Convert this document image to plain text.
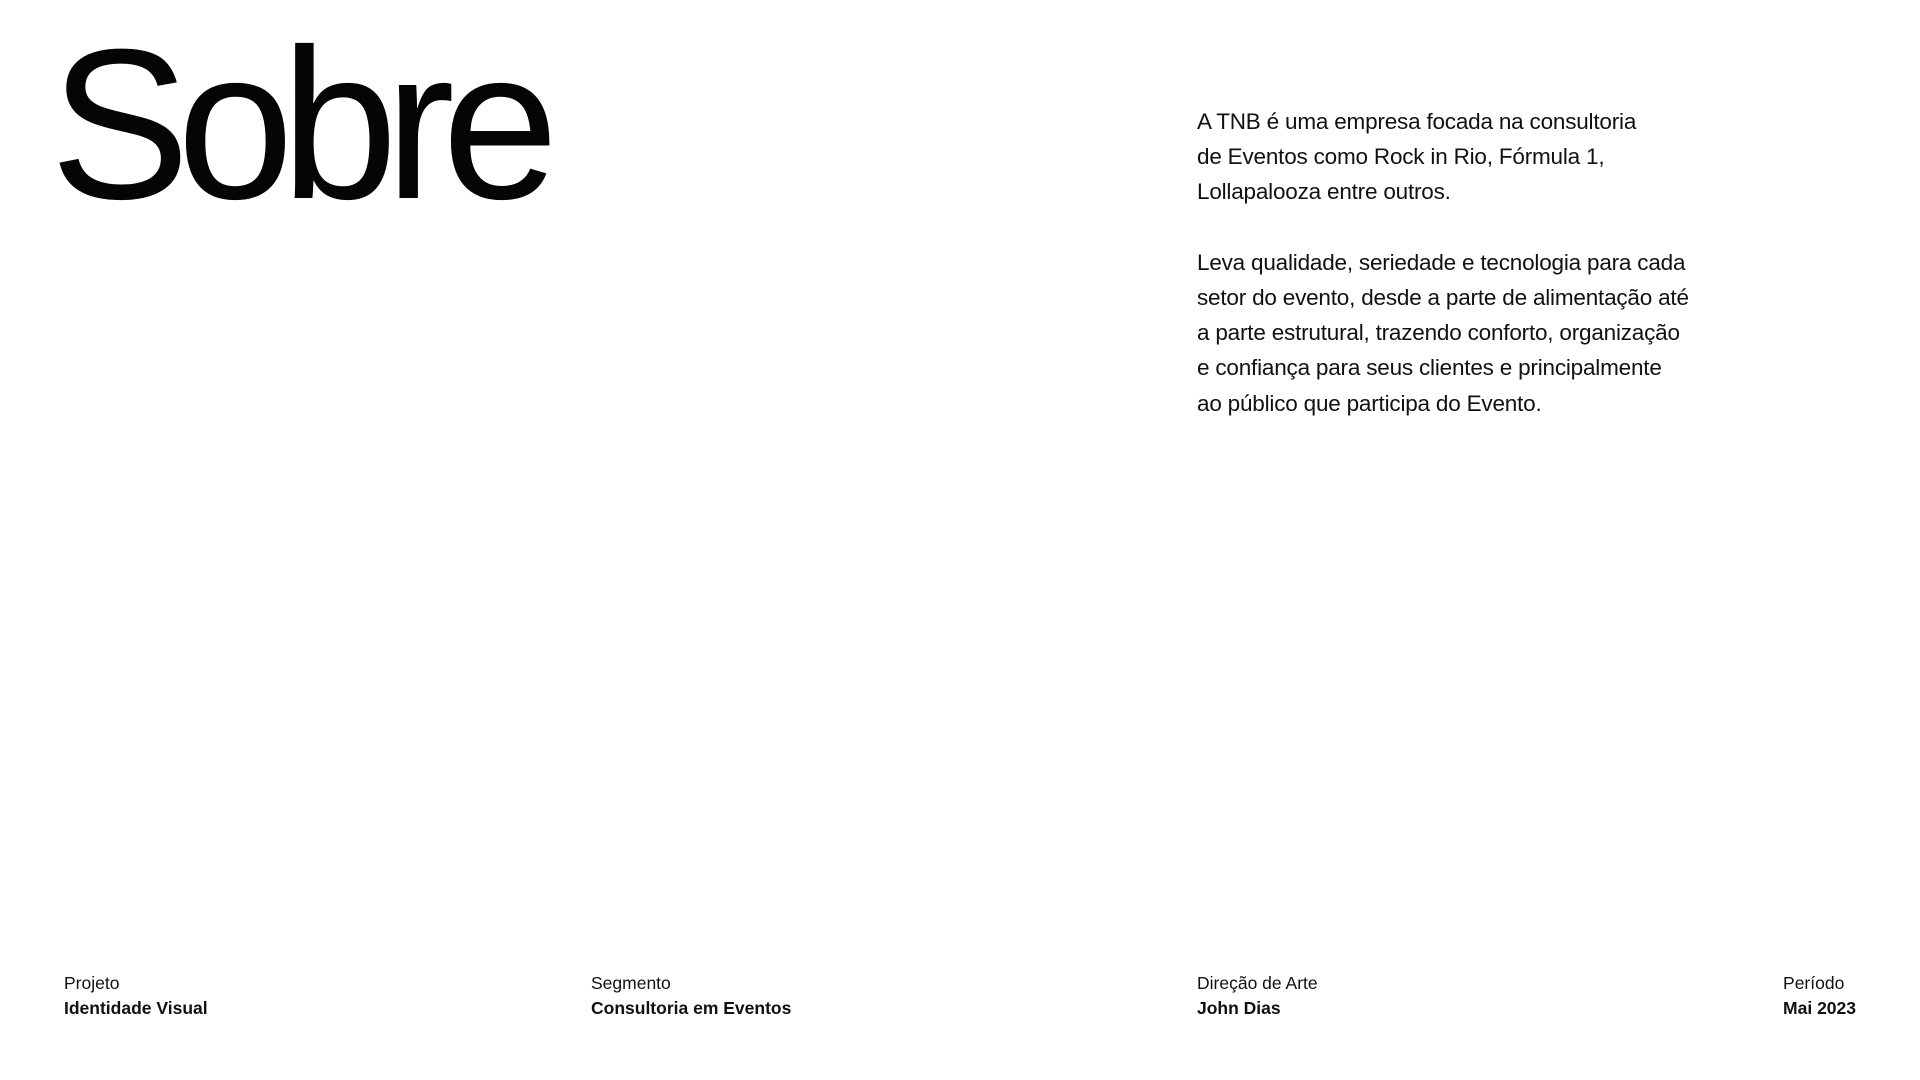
Sobre	A TNB é uma empresa focada na consultoria
de Eventos como Rock in Rio, Fórmula 1,
Lollapalooza entre outros.

Leva qualidade, seriedade e tecnologia para cada
setor do evento, desde a parte de alimentação até
a parte estrutural, trazendo conforto, organização
e confiança para seus clientes e principalmente
ao público que participa do Evento.

Projeto
Identidade Visual
Segmento
Consultoria em Eventos
Direção de Arte
John Dias
Período
Mai 2023
